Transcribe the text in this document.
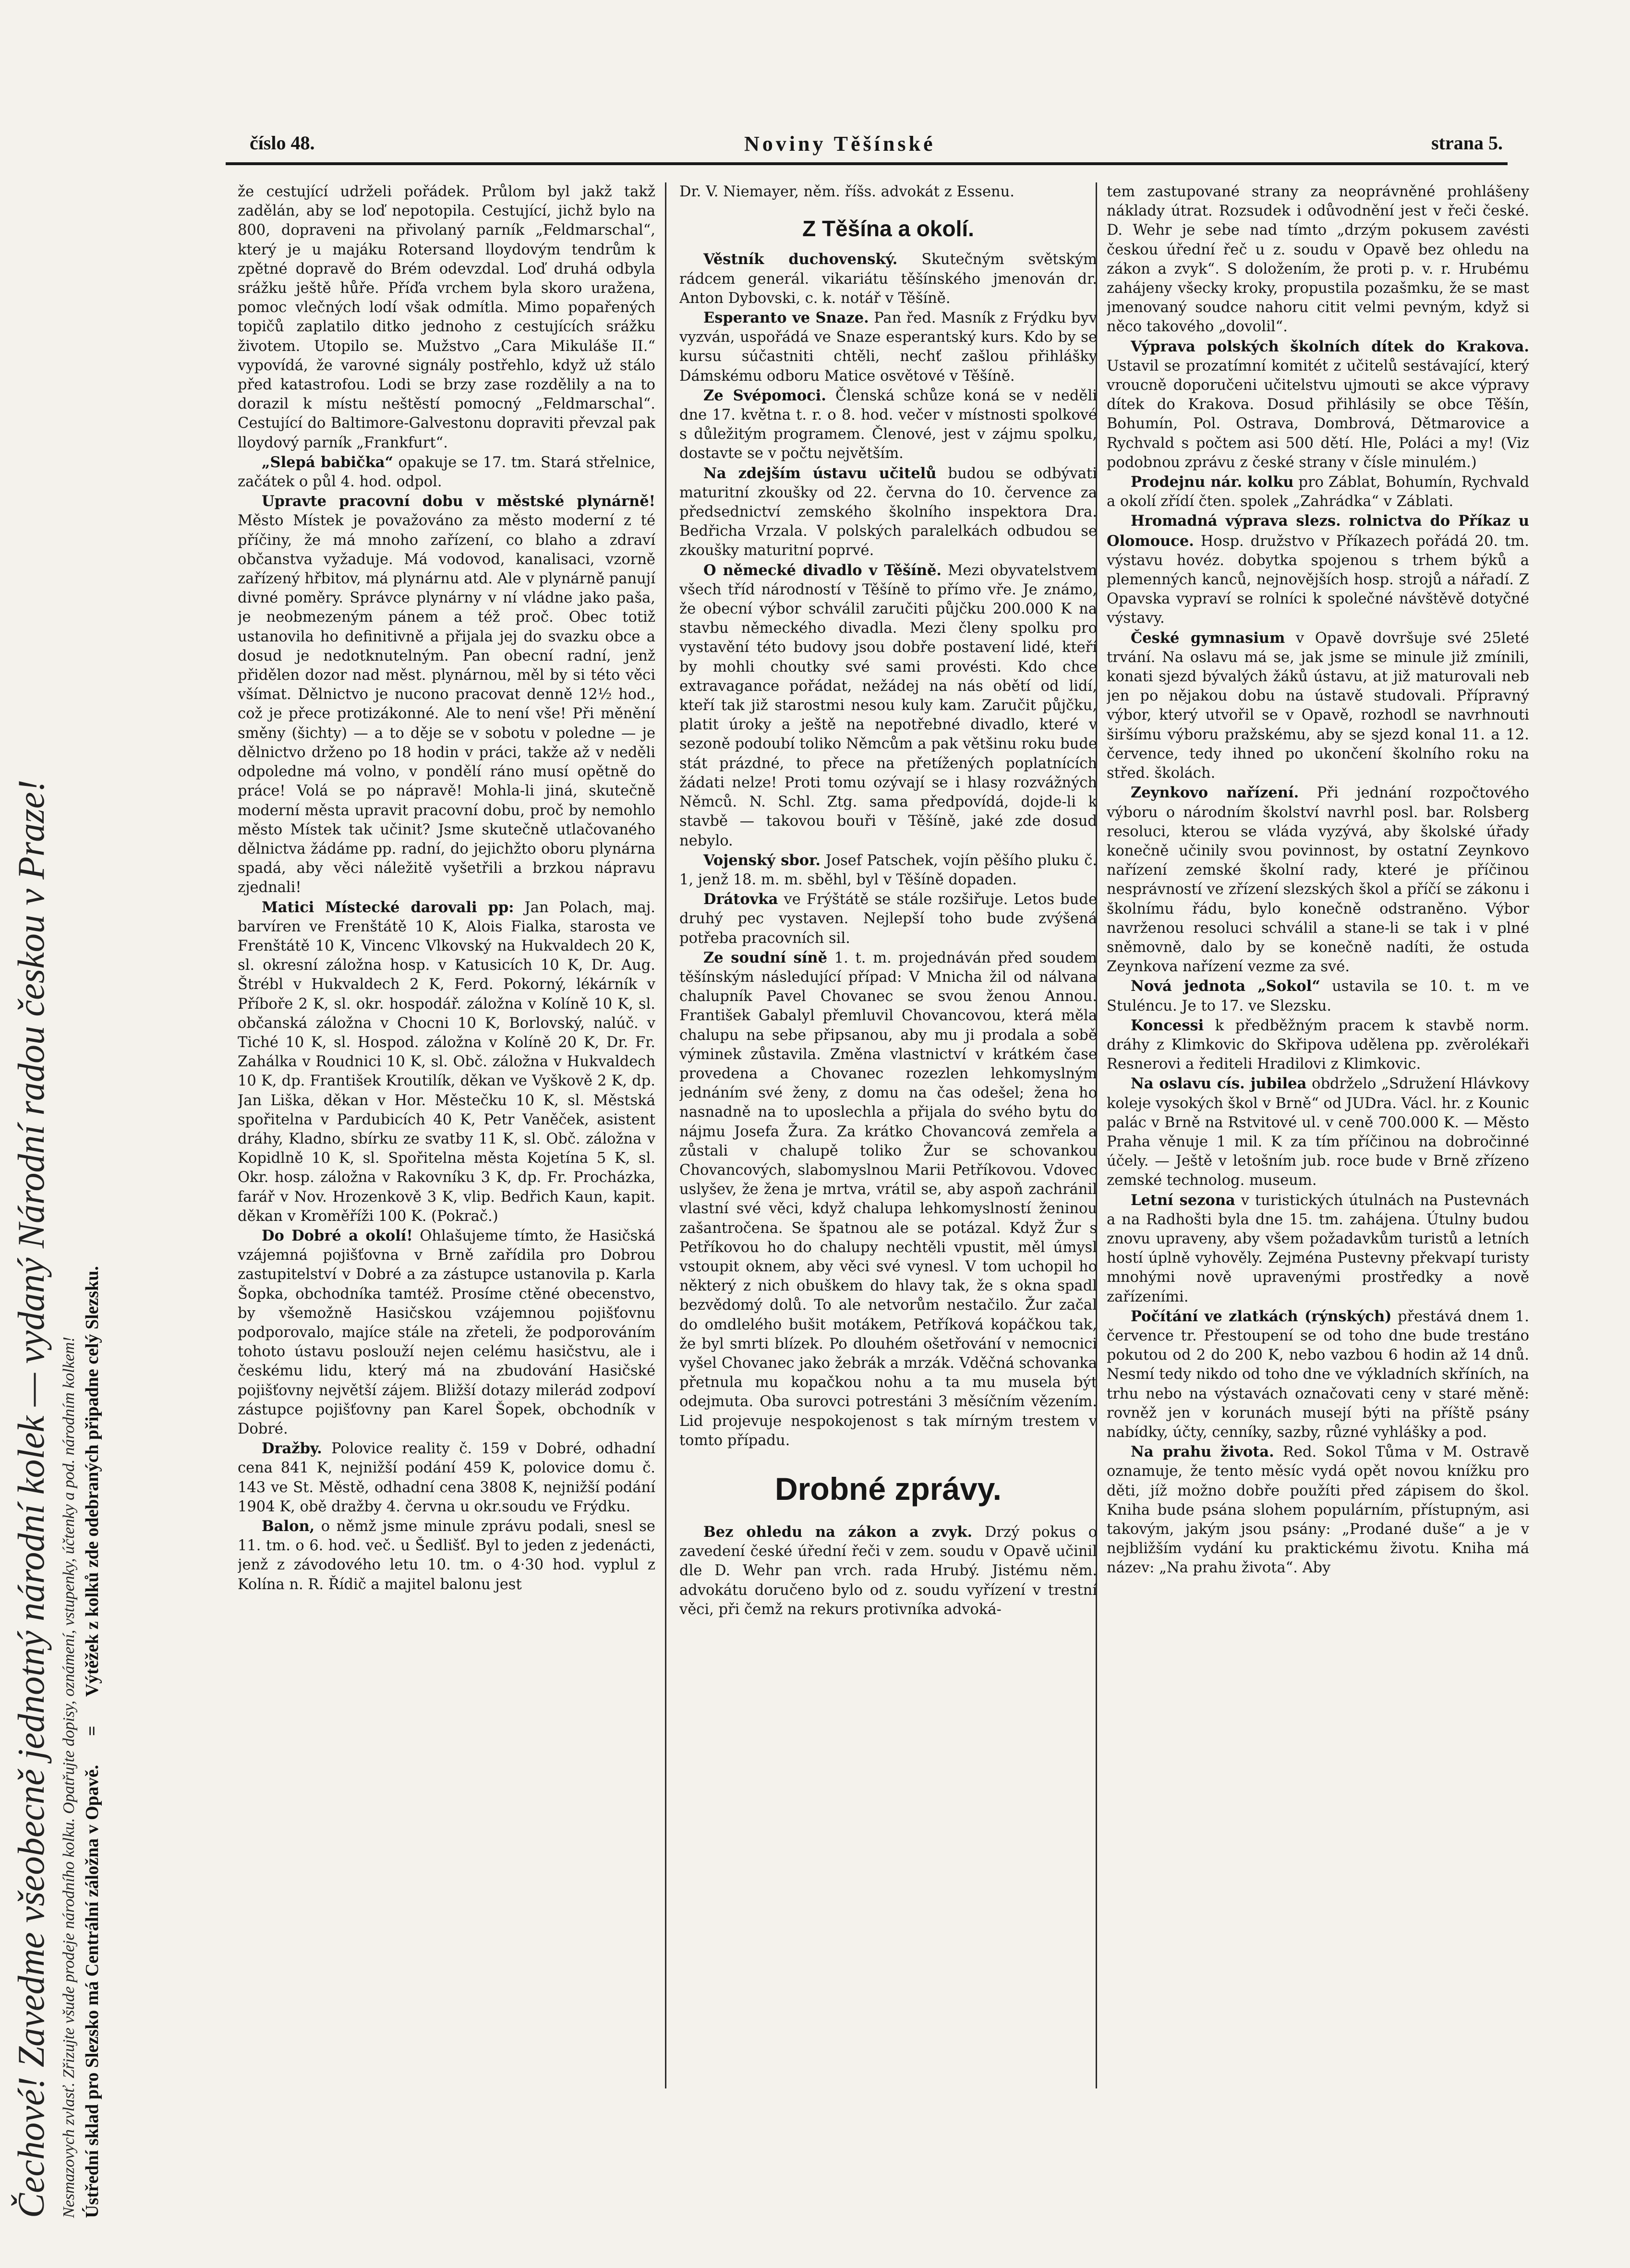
Čechové! Zavedme všeobecně jednotný národní kolek — vydaný Národní radou českou v Praze! Nesmazovych zvlasť. Zřizujte všude prodeje národního kolku. Opatřujte dopisy, oznámení, vstupenky, účtenky a pod. národním kolkem! Ústřední sklad pro Slezsko má Centrální záložna v Opavě.=Výtěžek z kolků zde odebraných připadne celý Slezsku.
číslo 48.	Noviny Těšínské	strana 5.

že cestující udrželi pořádek. Průlom byl jakž takž zadělán, aby se loď nepotopila. Cestující, jichž bylo na 800, dopraveni na přivolaný parník „Feldmarschal“, který je u majáku Rotersand lloydovým tendrům k zpětné dopravě do Brém odevzdal. Loď druhá odbyla srážku ještě hůře. Příďa vrchem byla skoro uražena, pomoc vlečných lodí však odmítla. Mimo popařených topičů zaplatilo ditko jednoho z cestujících srážku životem. Utopilo se. Mužstvo „Cara Mikuláše II.“ vypovídá, že varovné signály postřehlo, když už stálo před katastrofou. Lodi se brzy zase rozdělily a na to dorazil k místu neštěstí pomocný „Feldmarschal“. Cestující do Baltimore-Galvestonu dopraviti převzal pak lloydový parník „Frankfurt“.

„Slepá babička“ opakuje se 17. tm. Stará střelnice, začátek o půl 4. hod. odpol.

Upravte pracovní dobu v městské plynárně! Město Místek je považováno za město moderní z té příčiny, že má mnoho zařízení, co blaho a zdraví občanstva vyžaduje. Má vodovod, kanalisaci, vzorně zařízený hřbitov, má plynárnu atd. Ale v plynárně panují divné poměry. Správce plynárny v ní vládne jako paša, je neobmezeným pánem a též proč. Obec totiž ustanovila ho definitivně a přijala jej do svazku obce a dosud je nedotknutelným. Pan obecní radní, jenž přidělen dozor nad měst. plynárnou, měl by si této věci všímat. Dělnictvo je nucono pracovat denně 12½ hod., což je přece protizákonné. Ale to není vše! Při měnění směny (šichty) — a to děje se v sobotu v poledne — je dělnictvo drženo po 18 hodin v práci, takže až v neděli odpoledne má volno, v pondělí ráno musí opětně do práce! Volá se po nápravě! Mohla-li jiná, skutečně moderní města upravit pracovní dobu, proč by nemohlo město Místek tak učinit? Jsme skutečně utlačovaného dělnictva žádáme pp. radní, do jejichžto oboru plynárna spadá, aby věci náležitě vyšetřili a brzkou nápravu zjednali!

Matici Místecké darovali pp: Jan Polach, maj. barvíren ve Frenštátě 10 K, Alois Fialka, starosta ve Frenštátě 10 K, Vincenc Vlkovský na Hukvaldech 20 K, sl. okresní záložna hosp. v Katusicích 10 K, Dr. Aug. Štrébl v Hukvaldech 2 K, Ferd. Pokorný, lékárník v Příboře 2 K, sl. okr. hospodář. záložna v Kolíně 10 K, sl. občanská záložna v Chocni 10 K, Borlovský, nalúč. v Tiché 10 K, sl. Hospod. záložna v Kolíně 20 K, Dr. Fr. Zahálka v Roudnici 10 K, sl. Obč. záložna v Hukvaldech 10 K, dp. František Kroutilík, děkan ve Vyškově 2 K, dp. Jan Liška, děkan v Hor. Městečku 10 K, sl. Městská spořitelna v Pardubicích 40 K, Petr Vaněček, asistent dráhy, Kladno, sbírku ze svatby 11 K, sl. Obč. záložna v Kopidlně 10 K, sl. Spořitelna města Kojetína 5 K, sl. Okr. hosp. záložna v Rakovníku 3 K, dp. Fr. Procházka, farář v Nov. Hrozenkově 3 K, vlip. Bedřich Kaun, kapit. děkan v Kroměříži 100 K. (Pokrač.)

Do Dobré a okolí! Ohlašujeme tímto, že Hasičská vzájemná pojišťovna v Brně zařídila pro Dobrou zastupitelství v Dobré a za zástupce ustanovila p. Karla Šopka, obchodníka tamtéž. Prosíme ctěné obecenstvo, by všemožně Hasičskou vzájemnou pojišťovnu podporovalo, majíce stále na zřeteli, že podporováním tohoto ústavu poslouží nejen celému hasičstvu, ale i českému lidu, který má na zbudování Hasičské pojišťovny největší zájem. Bližší dotazy milerád zodpoví zástupce pojišťovny pan Karel Šopek, obchodník v Dobré.

Dražby. Polovice reality č. 159 v Dobré, odhadní cena 841 K, nejnižší podání 459 K, polovice domu č. 143 ve St. Městě, odhadní cena 3808 K, nejnižší podání 1904 K, obě dražby 4. června u okr.soudu ve Frýdku.

Balon, o němž jsme minule zprávu podali, snesl se 11. tm. o 6. hod. več. u Šedlišť. Byl to jeden z jedenácti, jenž z závodového letu 10. tm. o 4·30 hod. vyplul z Kolína n. R. Řídič a majitel balonu jest

Dr. V. Niemayer, něm. říšs. advokát z Essenu.

Z Těšína a okolí.

Věstník duchovenský. Skutečným světským rádcem generál. vikariátu těšínského jmenován dr. Anton Dybovski, c. k. notář v Těšíně.

Esperanto ve Snaze. Pan řed. Masník z Frýdku byv vyzván, uspořádá ve Snaze esperantský kurs. Kdo by se kursu súčastniti chtěli, nechť zašlou přihlášky Dámskému odboru Matice osvětové v Těšíně.

Ze Svépomoci. Členská schůze koná se v neděli dne 17. května t. r. o 8. hod. večer v místnosti spolkové s důležitým programem. Členové, jest v zájmu spolku, dostavte se v počtu největším.

Na zdejším ústavu učitelů budou se odbývati maturitní zkoušky od 22. června do 10. července za předsednictví zemského školního inspektora Dra. Bedřicha Vrzala. V polských paralelkách odbudou se zkoušky maturitní poprvé.

O německé divadlo v Těšíně. Mezi obyvatelstvem všech tříd národností v Těšíně to přímo vře. Je známo, že obecní výbor schválil zaručiti půjčku 200.000 K na stavbu německého divadla. Mezi členy spolku pro vystavění této budovy jsou dobře postavení lidé, kteří by mohli choutky své sami provésti. Kdo chce extravagance pořádat, nežádej na nás obětí od lidí, kteří tak již starostmi nesou kuly kam. Zaručit půjčku, platit úroky a ještě na nepotřebné divadlo, které v sezoně podoubí toliko Němcům a pak většinu roku bude stát prázdné, to přece na přetížených poplatnících žádati nelze! Proti tomu ozývají se i hlasy rozvážných Němců. N. Schl. Ztg. sama předpovídá, dojde-li k stavbě — takovou bouři v Těšíně, jaké zde dosud nebylo.

Vojenský sbor. Josef Patschek, vojín pěšího pluku č. 1, jenž 18. m. m. sběhl, byl v Těšíně dopaden.

Drátovka ve Frýštátě se stále rozšiřuje. Letos bude druhý pec vystaven. Nejlepší toho bude zvýšená potřeba pracovních sil.

Ze soudní síně 1. t. m. projednáván před soudem těšínským následující případ: V Mnicha žil od nálvana chalupník Pavel Chovanec se svou ženou Annou. František Gabalyl přemluvil Chovancovou, která měla chalupu na sebe připsanou, aby mu ji prodala a sobě výminek zůstavila. Změna vlastnictví v krátkém čase provedena a Chovanec rozezlen lehkomyslným jednáním své ženy, z domu na čas odešel; žena ho nasnadně na to uposlechla a přijala do svého bytu do nájmu Josefa Žura. Za krátko Chovancová zemřela a zůstali v chalupě toliko Žur se schovankou Chovancových, slabomyslnou Marii Petříkovou. Vdovec uslyšev, že žena je mrtva, vrátil se, aby aspoň zachránil vlastní své věci, když chalupa lehkomyslností ženinou zašantročena. Se špatnou ale se potázal. Když Žur s Petříkovou ho do chalupy nechtěli vpustit, měl úmysl vstoupit oknem, aby věci své vynesl. V tom uchopil ho některý z nich obuškem do hlavy tak, že s okna spadl bezvědomý dolů. To ale netvorům nestačilo. Žur začal do omdlelého bušit motákem, Petříková kopáčkou tak, že byl smrti blízek. Po dlouhém ošetřování v nemocnici vyšel Chovanec jako žebrák a mrzák. Vděčná schovanka přetnula mu kopačkou nohu a ta mu musela být odejmuta. Oba surovci potrestáni 3 měsíčním vězením. Lid projevuje nespokojenost s tak mírným trestem v tomto případu.

Drobné zprávy.

Bez ohledu na zákon a zvyk. Drzý pokus o zavedení české úřední řeči v zem. soudu v Opavě učinil dle D. Wehr pan vrch. rada Hrubý. Jistému něm. advokátu doručeno bylo od z. soudu vyřízení v trestní věci, při čemž na rekurs protivníka advoká-

tem zastupované strany za neoprávněné prohlášeny náklady útrat. Rozsudek i odůvodnění jest v řeči české. D. Wehr je sebe nad tímto „drzým pokusem zavésti českou úřední řeč u z. soudu v Opavě bez ohledu na zákon a zvyk“. S doložením, že proti p. v. r. Hrubému zahájeny všecky kroky, propustila pozašmku, že se mast jmenovaný soudce nahoru citit velmi pevným, když si něco takového „dovolil“.

Výprava polských školních dítek do Krakova. Ustavil se prozatímní komitét z učitelů sestávající, který vroucně doporučeni učitelstvu ujmouti se akce výpravy dítek do Krakova. Dosud přihlásily se obce Těšín, Bohumín, Pol. Ostrava, Dombrová, Dětmarovice a Rychvald s počtem asi 500 dětí. Hle, Poláci a my! (Viz podobnou zprávu z české strany v čísle minulém.)

Prodejnu nár. kolku pro Záblat, Bohumín, Rychvald a okolí zřídí čten. spolek „Zahrádka“ v Záblati.

Hromadná výprava slezs. rolnictva do Příkaz u Olomouce. Hosp. družstvo v Příkazech pořádá 20. tm. výstavu hovéz. dobytka spojenou s trhem býků a plemenných kanců, nejnovějších hosp. strojů a nářadí. Z Opavska vypraví se rolníci k společné návštěvě dotyčné výstavy.

České gymnasium v Opavě dovršuje své 25leté trvání. Na oslavu má se, jak jsme se minule již zmínili, konati sjezd bývalých žáků ústavu, at již maturovali neb jen po nějakou dobu na ústavě studovali. Přípravný výbor, který utvořil se v Opavě, rozhodl se navrhnouti širšímu výboru pražskému, aby se sjezd konal 11. a 12. července, tedy ihned po ukončení školního roku na střed. školách.

Zeynkovo nařízení. Při jednání rozpočtového výboru o národním školství navrhl posl. bar. Rolsberg resoluci, kterou se vláda vyzývá, aby školské úřady konečně učinily svou povinnost, by ostatní Zeynkovo nařízení zemské školní rady, které je příčinou nesprávností ve zřízení slezských škol a příčí se zákonu i školnímu řádu, bylo konečně odstraněno. Výbor navrženou resoluci schválil a stane-li se tak i v plné sněmovně, dalo by se konečně nadíti, že ostuda Zeynkova nařízení vezme za své.

Nová jednota „Sokol“ ustavila se 10. t. m ve Stuléncu. Je to 17. ve Slezsku.

Koncessi k předběžným pracem k stavbě norm. dráhy z Klimkovic do Skřipova udělena pp. zvěrolékaři Resnerovi a řediteli Hradilovi z Klimkovic.

Na oslavu cís. jubilea obdrželo „Sdružení Hlávkovy koleje vysokých škol v Brně“ od JUDra. Václ. hr. z Kounic palác v Brně na Rstvitové ul. v ceně 700.000 K. — Město Praha věnuje 1 mil. K za tím příčinou na dobročinné účely. — Ještě v letošním jub. roce bude v Brně zřízeno zemské technolog. museum.

Letní sezona v turistických útulnách na Pustevnách a na Radhošti byla dne 15. tm. zahájena. Útulny budou znovu upraveny, aby všem požadavkům turistů a letních hostí úplně vyhověly. Zejména Pustevny překvapí turisty mnohými nově upravenými prostředky a nově zařízeními.

Počítání ve zlatkách (rýnských) přestává dnem 1. července tr. Přestoupení se od toho dne bude trestáno pokutou od 2 do 200 K, nebo vazbou 6 hodin až 14 dnů. Nesmí tedy nikdo od toho dne ve výkladních skříních, na trhu nebo na výstavách označovati ceny v staré měně: rovněž jen v korunách musejí býti na příště psány nabídky, účty, cenníky, sazby, různé vyhlášky a pod.

Na prahu života. Red. Sokol Tůma v M. Ostravě oznamuje, že tento měsíc vydá opět novou knížku pro děti, jíž možno dobře použíti před zápisem do škol. Kniha bude psána slohem populárním, přístupným, asi takovým, jakým jsou psány: „Prodané duše“ a je v nejbližším vydání ku praktickému životu. Kniha má název: „Na prahu života“. Aby
